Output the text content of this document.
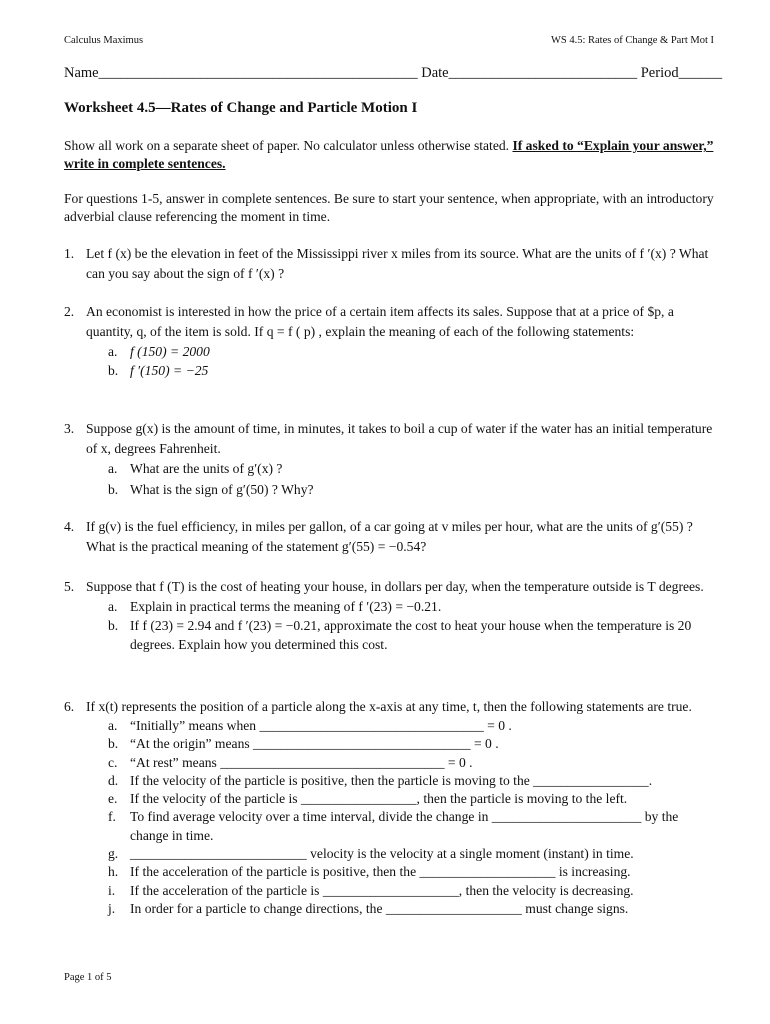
Calculus Maximus	WS 4.5: Rates of Change & Part Mot I
Name____________________________________________ Date__________________________ Period______
Worksheet 4.5—Rates of Change and Particle Motion I
Show all work on a separate sheet of paper. No calculator unless otherwise stated. If asked to “Explain your answer,” write in complete sentences.
For questions 1-5, answer in complete sentences. Be sure to start your sentence, when appropriate, with an introductory adverbial clause referencing the moment in time.
1. Let f (x) be the elevation in feet of the Mississippi river x miles from its source. What are the units of f ′(x) ? What can you say about the sign of f ′(x) ?
2. An economist is interested in how the price of a certain item affects its sales. Suppose that at a price of $p, a quantity, q, of the item is sold. If q = f ( p) , explain the meaning of each of the following statements:
a. f (150) = 2000
b. f ′(150) = −25
3. Suppose g(x) is the amount of time, in minutes, it takes to boil a cup of water if the water has an initial temperature of x, degrees Fahrenheit.
a. What are the units of g′(x) ?
b. What is the sign of g′(50) ? Why?
4. If g(v) is the fuel efficiency, in miles per gallon, of a car going at v miles per hour, what are the units of g′(55) ? What is the practical meaning of the statement g′(55) = −0.54?
5. Suppose that f (T) is the cost of heating your house, in dollars per day, when the temperature outside is T degrees.
a. Explain in practical terms the meaning of f ′(23) = −0.21.
b. If f (23) = 2.94 and f ′(23) = −0.21, approximate the cost to heat your house when the temperature is 20 degrees. Explain how you determined this cost.
6. If x(t) represents the position of a particle along the x-axis at any time, t, then the following statements are true.
a. “Initially” means when _________________________________ = 0 .
b. “At the origin” means ________________________________ = 0 .
c. “At rest” means _________________________________ = 0 .
d. If the velocity of the particle is positive, then the particle is moving to the _________________.
e. If the velocity of the particle is _________________, then the particle is moving to the left.
f. To find average velocity over a time interval, divide the change in ______________________ by the change in time.
g. __________________________ velocity is the velocity at a single moment (instant) in time.
h. If the acceleration of the particle is positive, then the ____________________ is increasing.
i. If the acceleration of the particle is ____________________, then the velocity is decreasing.
j. In order for a particle to change directions, the ____________________ must change signs.
Page 1 of 5
